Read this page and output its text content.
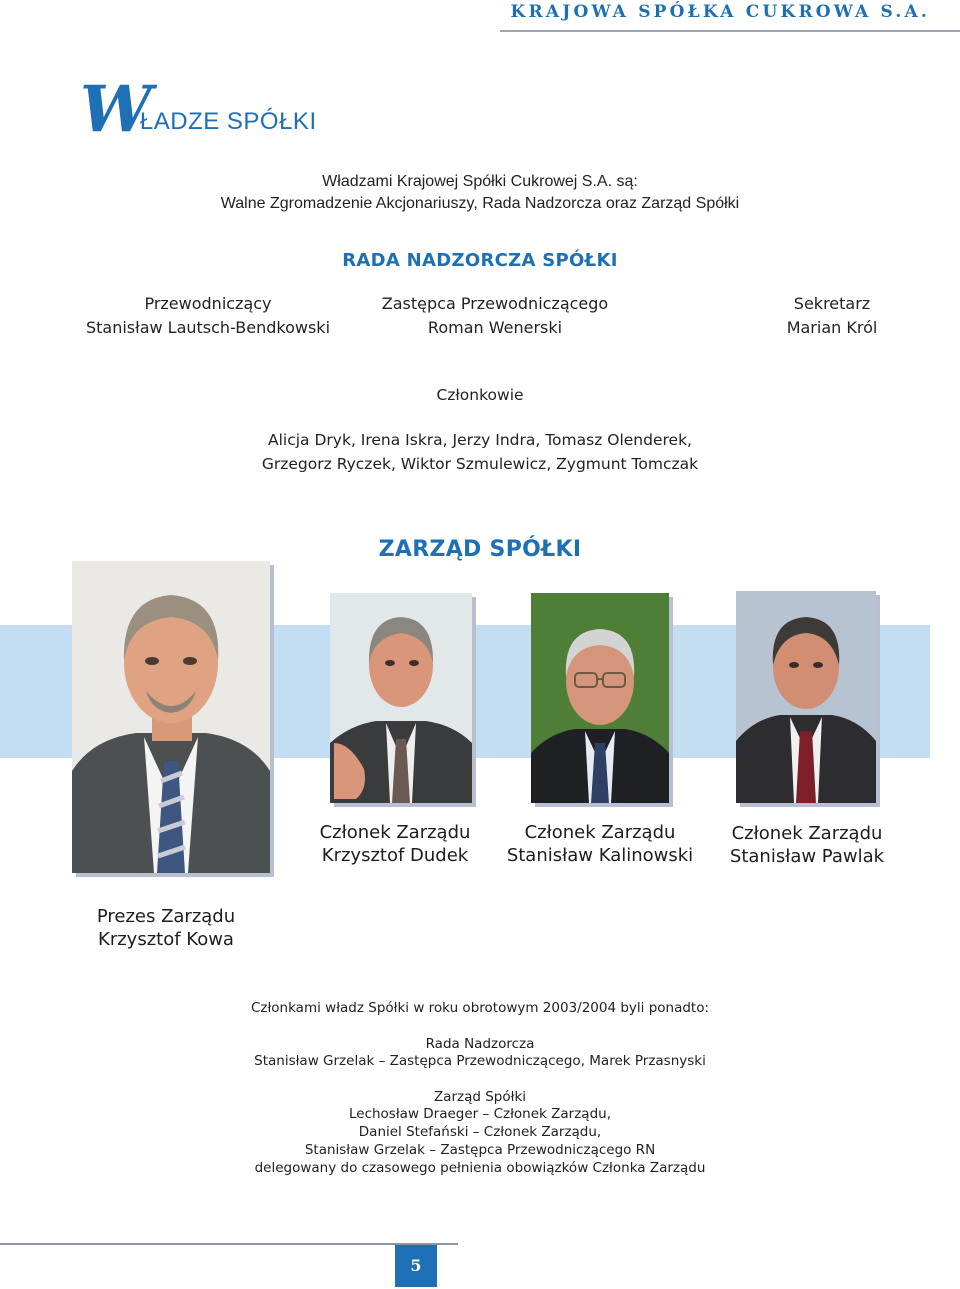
KRAJOWA SPÓŁKA CUKROWA S.A.
WŁADZE SPÓŁKI
Władzami Krajowej Spółki Cukrowej S.A. są:
Walne Zgromadzenie Akcjonariuszy, Rada Nadzorcza oraz Zarząd Spółki
RADA NADZORCZA SPÓŁKI
Przewodniczący
Stanisław Lautsch-Bendkowski
Zastępca Przewodniczącego
Roman Wenerski
Sekretarz
Marian Król
Członkowie
Alicja Dryk, Irena Iskra, Jerzy Indra, Tomasz Olenderek,
Grzegorz Ryczek, Wiktor Szmulewicz, Zygmunt Tomczak
ZARZĄD SPÓŁKI
Członek Zarządu
Krzysztof Dudek
Członek Zarządu
Stanisław Kalinowski
Członek Zarządu
Stanisław Pawlak
Prezes Zarządu
Krzysztof Kowa
Członkami władz Spółki w roku obrotowym 2003/2004 byli ponadto:
Rada Nadzorcza
Stanisław Grzelak – Zastępca Przewodniczącego, Marek Przasnyski
Zarząd Spółki
Lechosław Draeger – Członek Zarządu,
Daniel Stefański – Członek Zarządu,
Stanisław Grzelak – Zastępca Przewodniczącego RN
delegowany do czasowego pełnienia obowiązków Członka Zarządu
5
